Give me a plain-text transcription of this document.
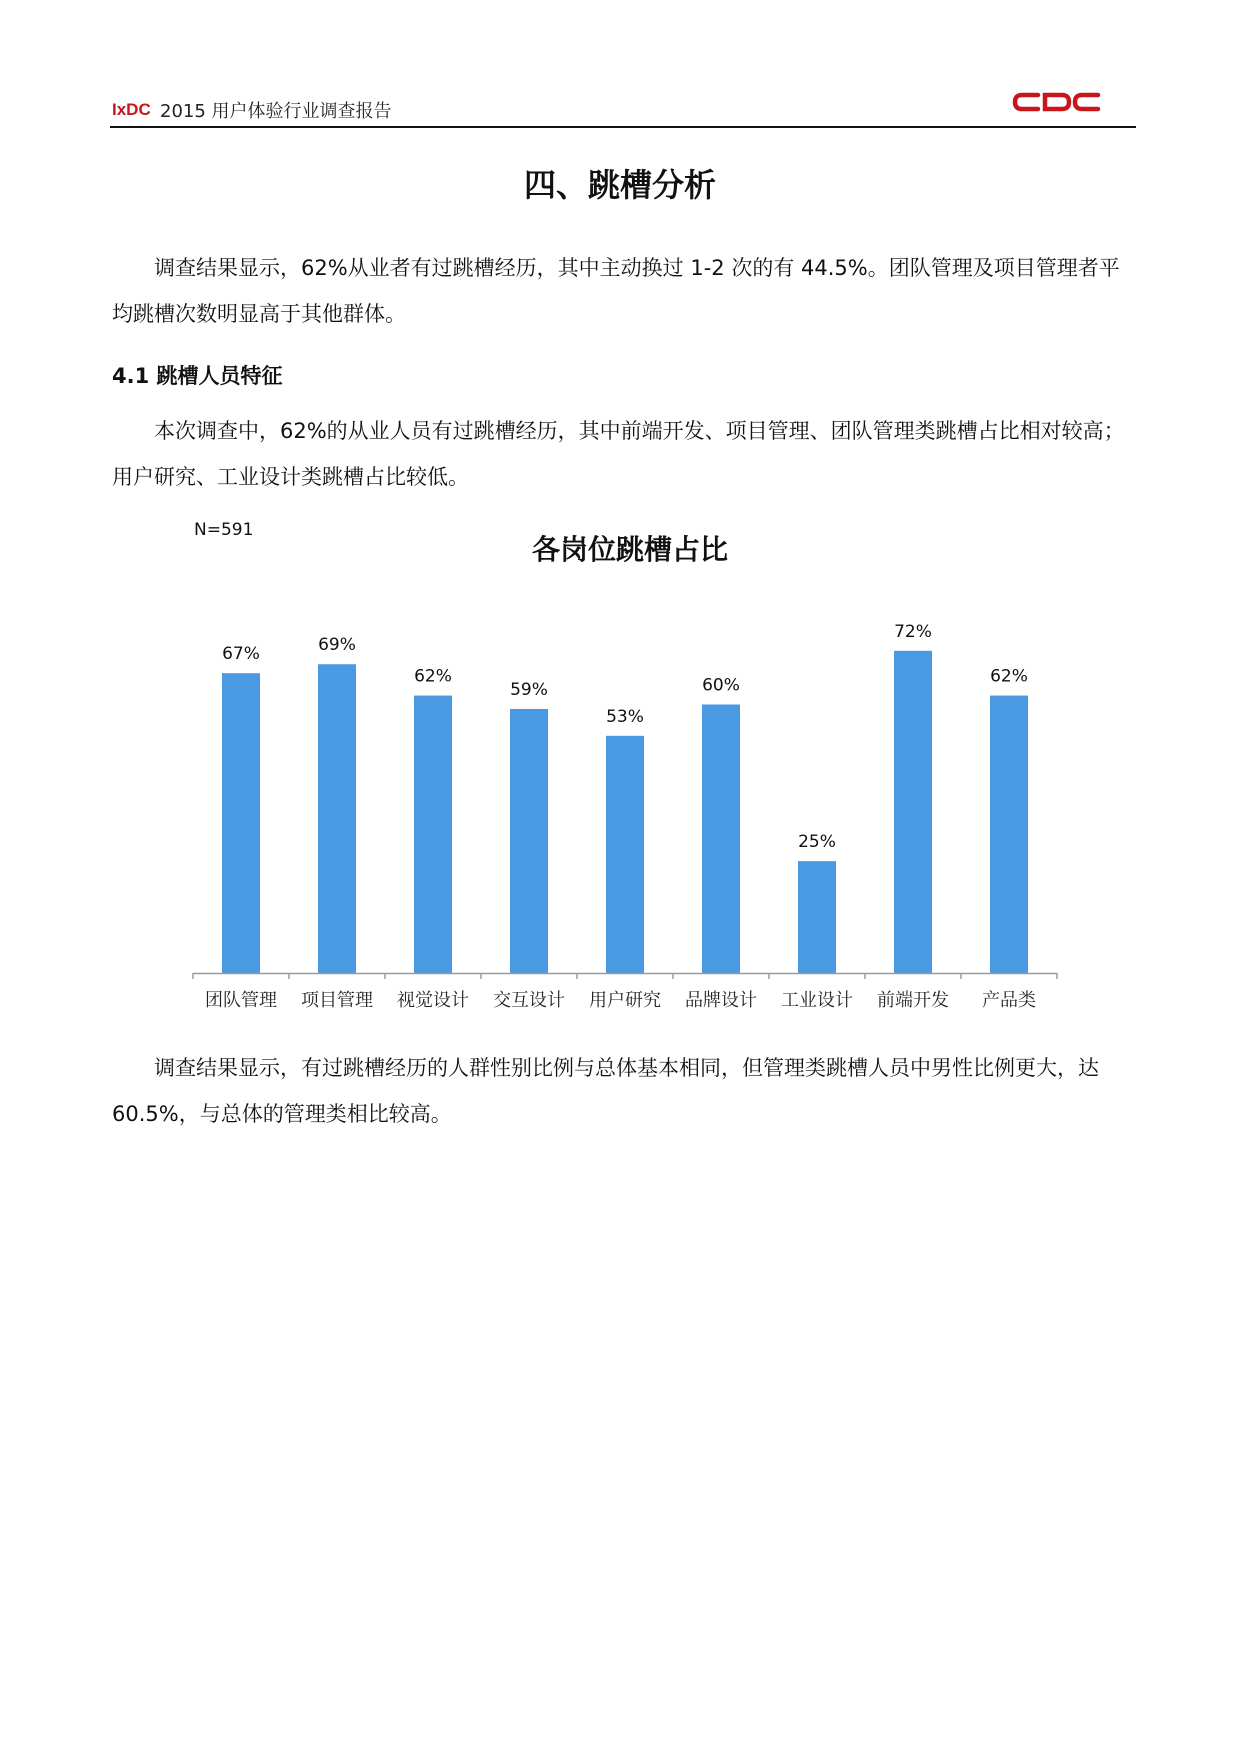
IxDC 2015 用户体验行业调查报告
四、跳槽分析
调查结果显示，62%从业者有过跳槽经历，其中主动换过 1-2 次的有 44.5%。团队管理及项目管理者平均跳槽次数明显高于其他群体。
4.1 跳槽人员特征
本次调查中，62%的从业人员有过跳槽经历，其中前端开发、项目管理、团队管理类跳槽占比相对较高；用户研究、工业设计类跳槽占比较低。
N=591
各岗位跳槽占比
67%
团队管理
69%
项目管理
62%
视觉设计
59%
交互设计
53%
用户研究
60%
品牌设计
25%
工业设计
72%
前端开发
62%
产品类
调查结果显示，有过跳槽经历的人群性别比例与总体基本相同，但管理类跳槽人员中男性比例更大，达 60.5%，与总体的管理类相比较高。
